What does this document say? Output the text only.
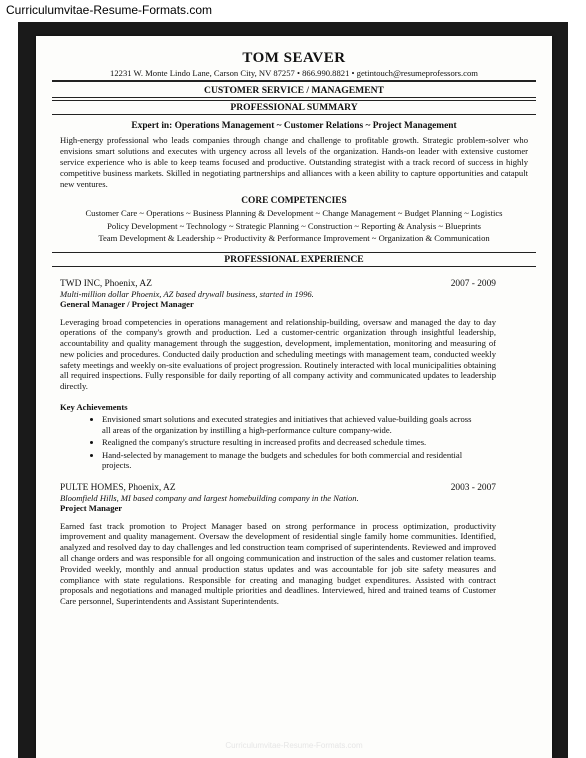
Curriculumvitae-Resume-Formats.com
TOM SEAVER
12231 W. Monte Lindo Lane, Carson City, NV 87257 • 866.990.8821 • getintouch@resumeprofessors.com
CUSTOMER SERVICE / MANAGEMENT
PROFESSIONAL SUMMARY
Expert in: Operations Management ~ Customer Relations ~ Project Management
High-energy professional who leads companies through change and challenge to profitable growth. Strategic problem-solver who envisions smart solutions and executes with urgency across all levels of the organization. Hands-on leader with extensive customer service experience who is able to keep teams focused and productive. Outstanding strategist with a track record of success in highly competitive business markets. Skilled in negotiating partnerships and alliances with a keen ability to capture opportunities and catapult new ventures.
CORE COMPETENCIES
Customer Care ~ Operations ~ Business Planning & Development ~ Change Management ~ Budget Planning ~ Logistics
Policy Development ~ Technology ~ Strategic Planning ~ Construction ~ Reporting & Analysis ~ Blueprints
Team Development & Leadership ~ Productivity & Performance Improvement ~ Organization & Communication
PROFESSIONAL EXPERIENCE
TWD INC, Phoenix, AZ	2007 - 2009
Multi-million dollar Phoenix, AZ based drywall business, started in 1996.
General Manager / Project Manager
Leveraging broad competencies in operations management and relationship-building, oversaw and managed the day to day operations of the company's growth and production. Led a customer-centric organization through insightful leadership, accountability and quality management through the suggestion, development, implementation, monitoring and measuring of new policies and procedures. Conducted daily production and scheduling meetings with management team, conducted weekly safety meetings and weekly on-site evaluations of project progression. Routinely interacted with local municipalities obtaining all required inspections. Fully responsible for daily reporting of all company activity and communicated updates to leadership directly.
Key Achievements
• Envisioned smart solutions and executed strategies and initiatives that achieved value-building goals across all areas of the organization by instilling a high-performance culture company-wide.
• Realigned the company's structure resulting in increased profits and decreased schedule times.
• Hand-selected by management to manage the budgets and schedules for both commercial and residential projects.
PULTE HOMES, Phoenix, AZ	2003 - 2007
Bloomfield Hills, MI based company and largest homebuilding company in the Nation.
Project Manager
Earned fast track promotion to Project Manager based on strong performance in process optimization, productivity improvement and quality management. Oversaw the development of residential single family home communities. Identified, analyzed and resolved day to day challenges and led construction team comprised of superintendents. Reviewed and improved all change orders and was responsible for all ongoing communication and instruction of the sales and customer relation teams. Provided weekly, monthly and annual production status updates and was accountable for job site safety measures and compliance with state regulations. Responsible for creating and managing budget expenditures. Assisted with contract proposals and negotiations and managed multiple priorities and deadlines. Interviewed, hired and trained teams of Customer Care personnel, Superintendents and Assistant Superintendents.
Curriculumvitae-Resume-Formats.com
